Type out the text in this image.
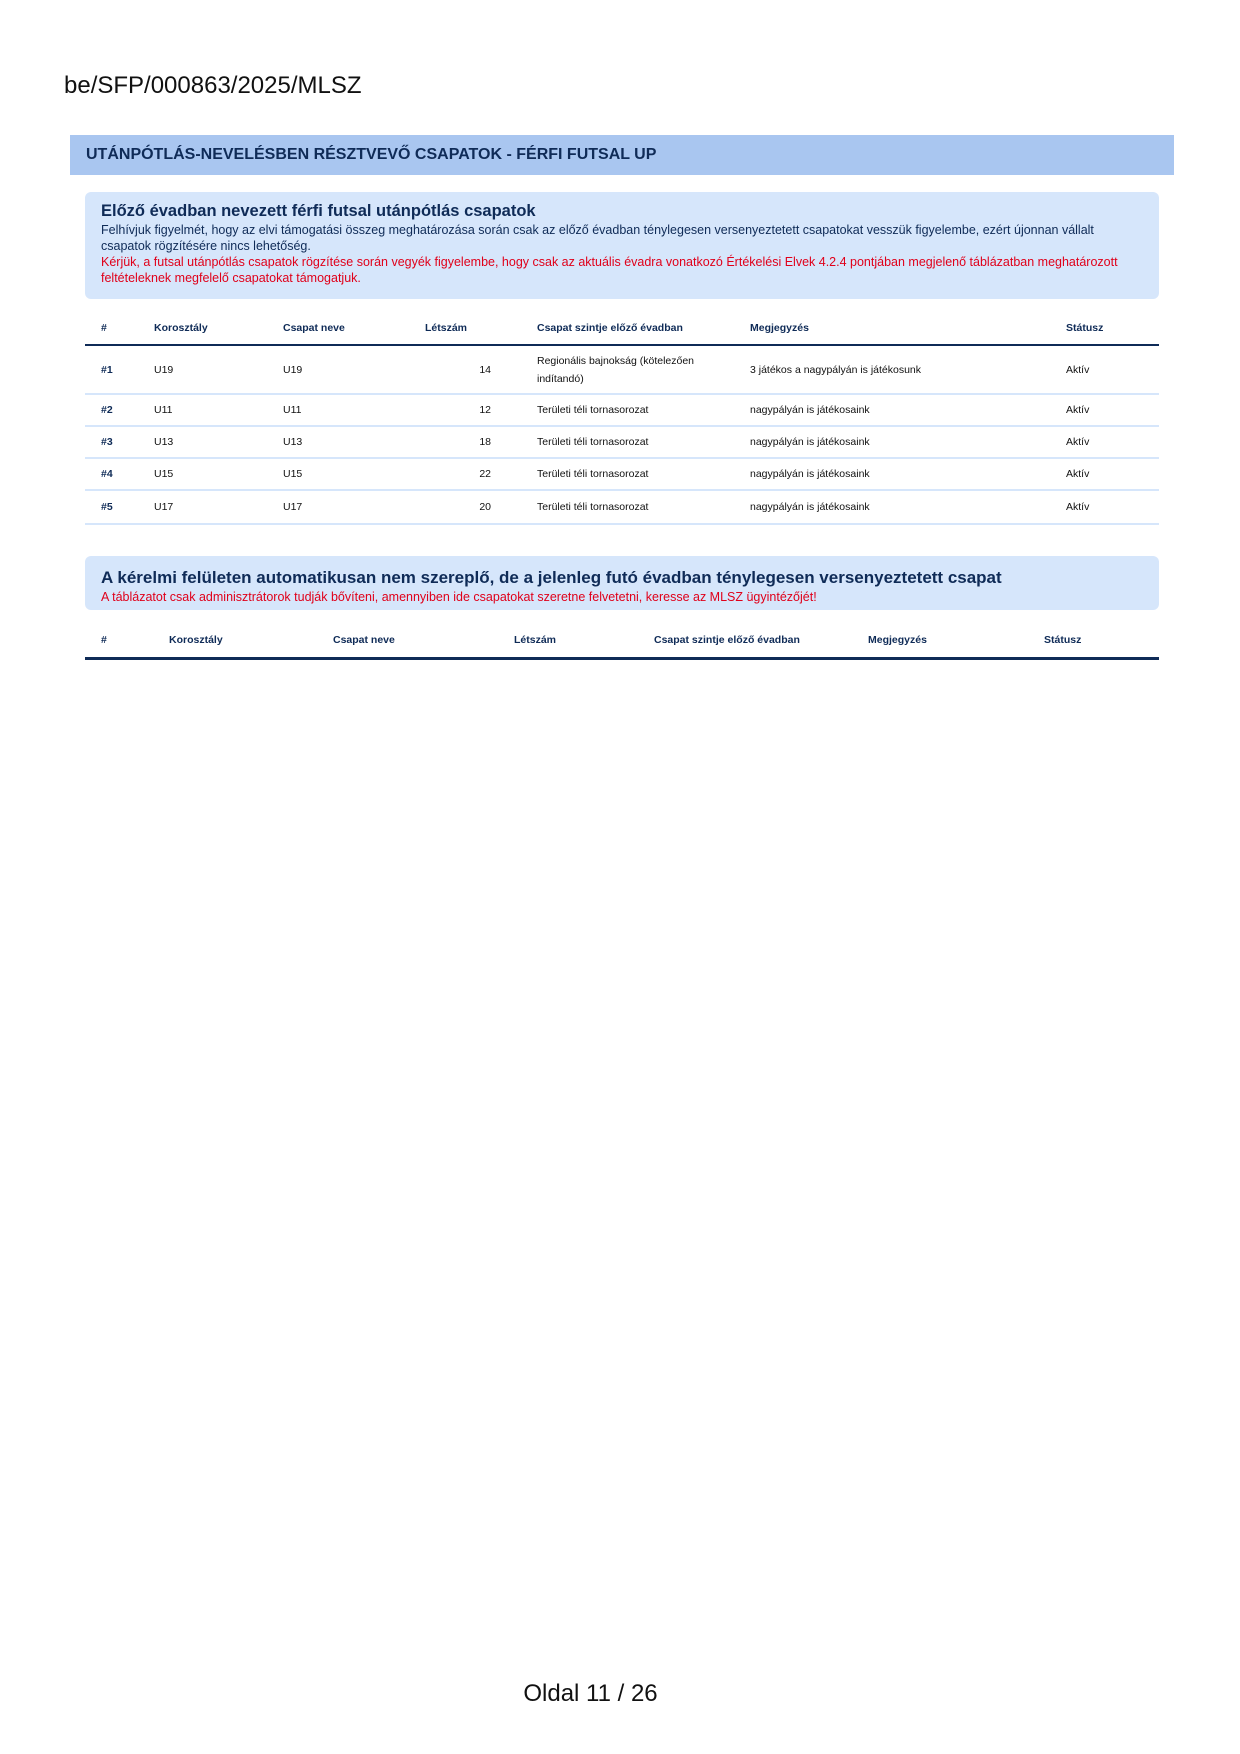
be/SFP/000863/2025/MLSZ
UTÁNPÓTLÁS-NEVELÉSBEN RÉSZTVEVŐ CSAPATOK - FÉRFI FUTSAL UP
Előző évadban nevezett férfi futsal utánpótlás csapatok
Felhívjuk figyelmét, hogy az elvi támogatási összeg meghatározása során csak az előző évadban ténylegesen versenyeztetett csapatokat vesszük figyelembe, ezért újonnan vállalt csapatok rögzítésére nincs lehetőség.
Kérjük, a futsal utánpótlás csapatok rögzítése során vegyék figyelembe, hogy csak az aktuális évadra vonatkozó Értékelési Elvek 4.2.4 pontjában megjelenő táblázatban meghatározott feltételeknek megfelelő csapatokat támogatjuk.
#	Korosztály	Csapat neve	Létszám	Csapat szintje előző évadban	Megjegyzés	Státusz
#1	U19	U19	14	Regionális bajnokság (kötelezően indítandó)	3 játékos a nagypályán is játékosunk	Aktív
#2	U11	U11	12	Területi téli tornasorozat	nagypályán is játékosaink	Aktív
#3	U13	U13	18	Területi téli tornasorozat	nagypályán is játékosaink	Aktív
#4	U15	U15	22	Területi téli tornasorozat	nagypályán is játékosaink	Aktív
#5	U17	U17	20	Területi téli tornasorozat	nagypályán is játékosaink	Aktív
A kérelmi felületen automatikusan nem szereplő, de a jelenleg futó évadban ténylegesen versenyeztetett csapat
A táblázatot csak adminisztrátorok tudják bővíteni, amennyiben ide csapatokat szeretne felvetetni, keresse az MLSZ ügyintézőjét!
#	Korosztály	Csapat neve	Létszám	Csapat szintje előző évadban	Megjegyzés	Státusz
Oldal 11 / 26
